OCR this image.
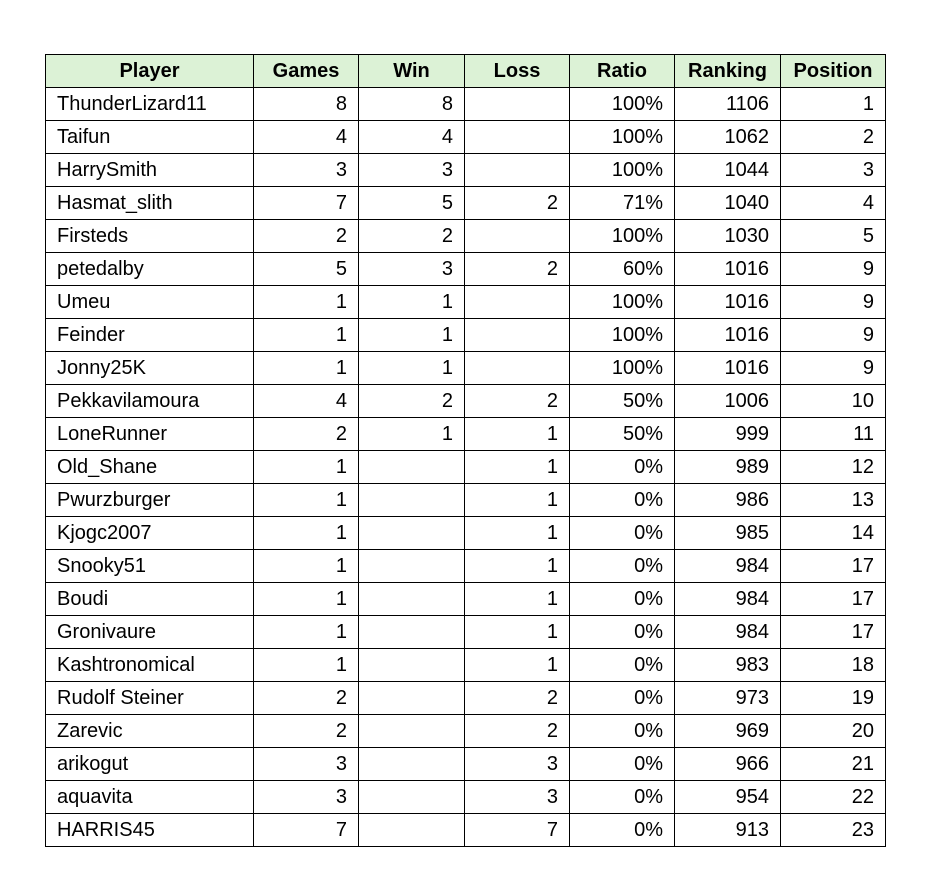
Player	Games	Win	Loss	Ratio	Ranking	Position
ThunderLizard11	8	8		100%	1106	1
Taifun	4	4		100%	1062	2
HarrySmith	3	3		100%	1044	3
Hasmat_slith	7	5	2	71%	1040	4
Firsteds	2	2		100%	1030	5
petedalby	5	3	2	60%	1016	9
Umeu	1	1		100%	1016	9
Feinder	1	1		100%	1016	9
Jonny25K	1	1		100%	1016	9
Pekkavilamoura	4	2	2	50%	1006	10
LoneRunner	2	1	1	50%	999	11
Old_Shane	1		1	0%	989	12
Pwurzburger	1		1	0%	986	13
Kjogc2007	1		1	0%	985	14
Snooky51	1		1	0%	984	17
Boudi	1		1	0%	984	17
Gronivaure	1		1	0%	984	17
Kashtronomical	1		1	0%	983	18
Rudolf Steiner	2		2	0%	973	19
Zarevic	2		2	0%	969	20
arikogut	3		3	0%	966	21
aquavita	3		3	0%	954	22
HARRIS45	7		7	0%	913	23
